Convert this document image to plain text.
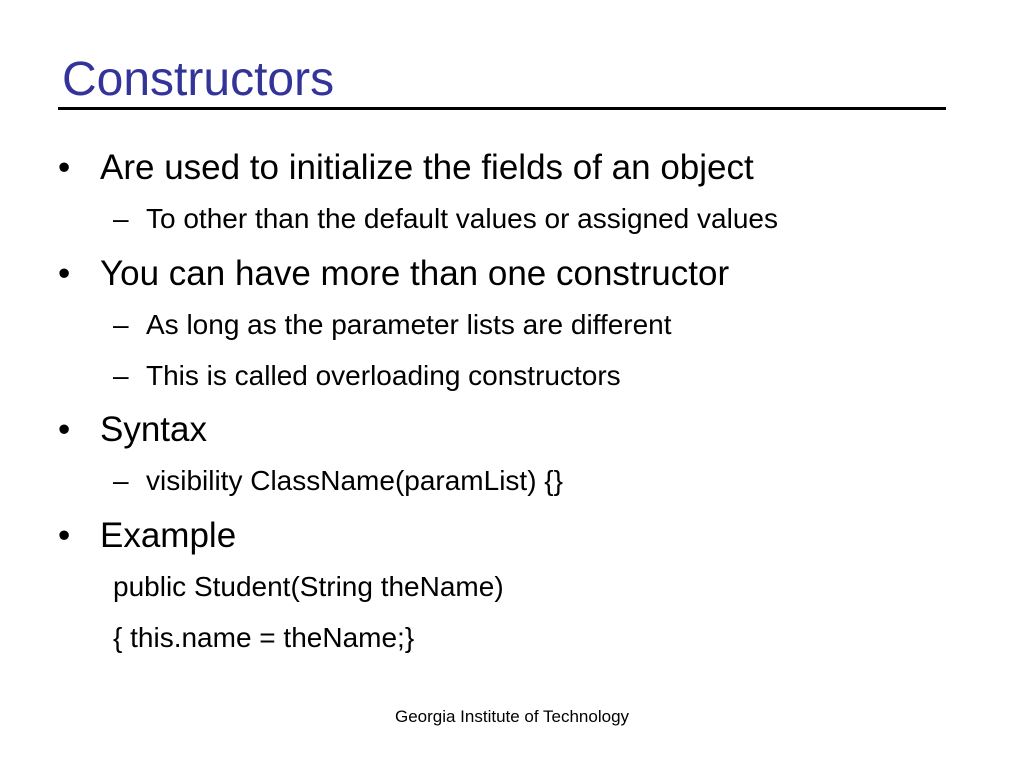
Constructors
• Are used to initialize the fields of an object
– To other than the default values or assigned values
• You can have more than one constructor
– As long as the parameter lists are different
– This is called overloading constructors
• Syntax
– visibility ClassName(paramList) {}
• Example
public Student(String theName)
{ this.name = theName;}
Georgia Institute of Technology
